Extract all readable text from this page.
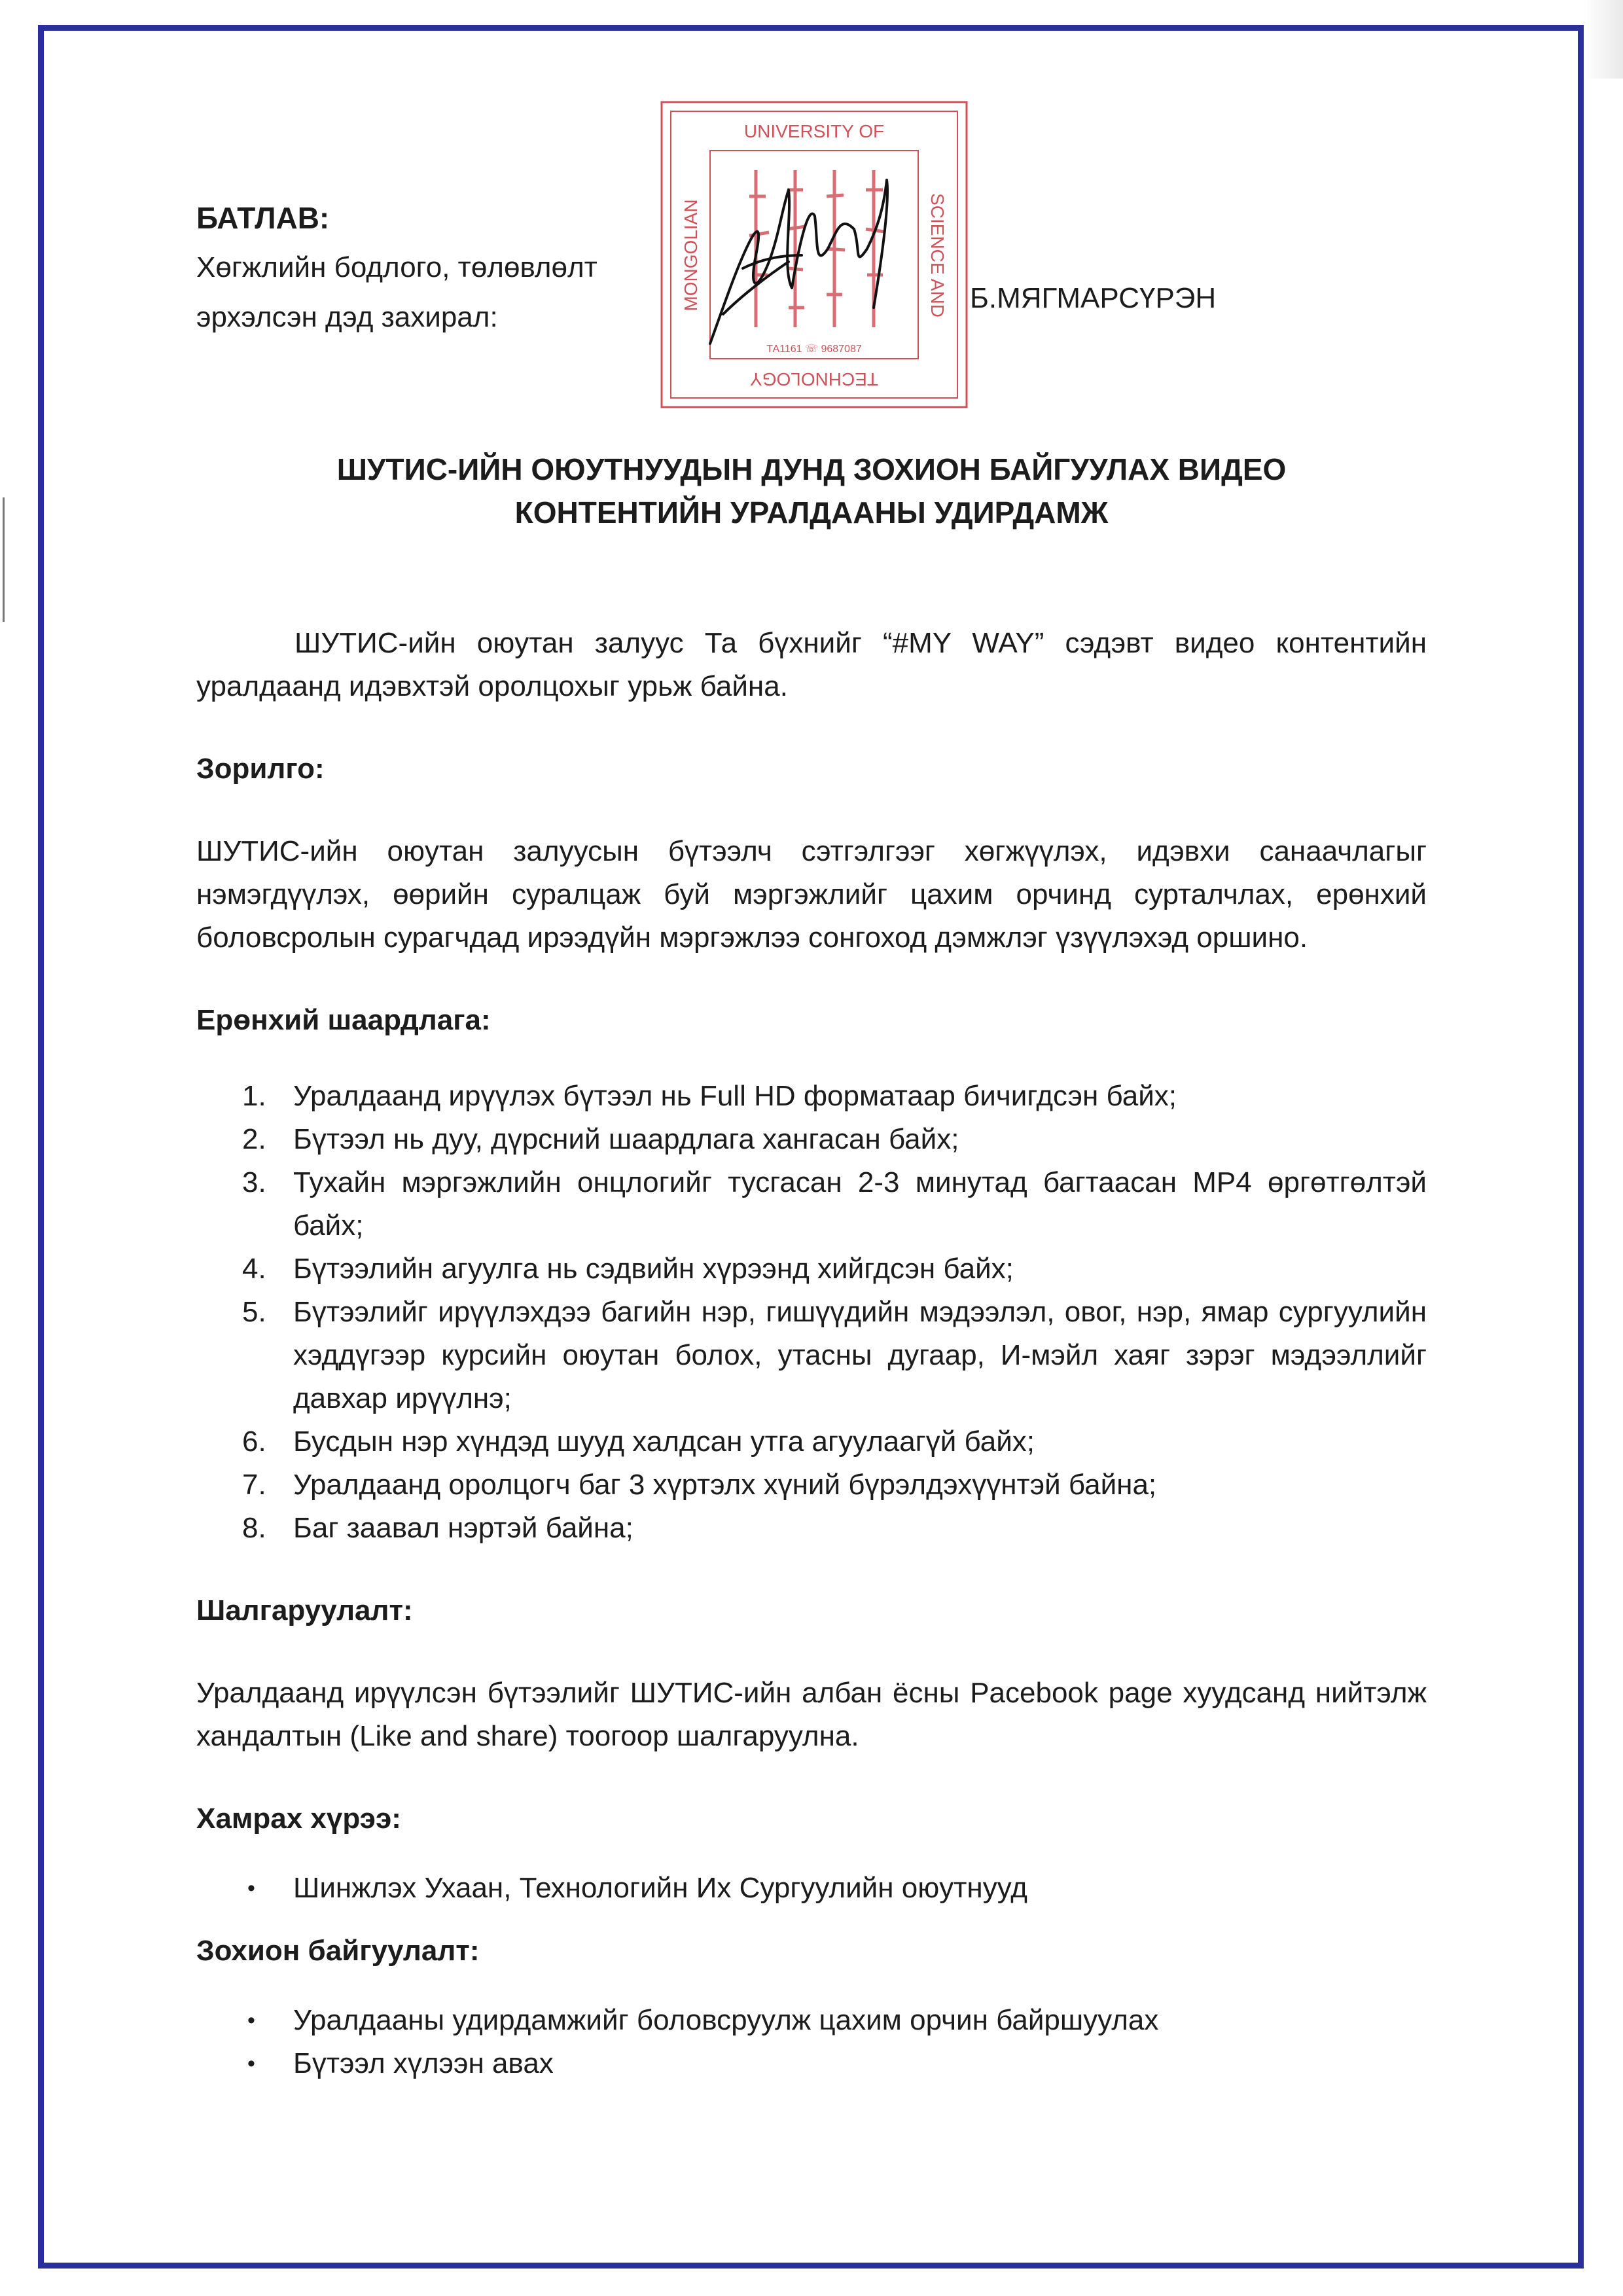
БАТЛАВ:
Хөгжлийн бодлого, төлөвлөлт
эрхэлсэн дэд захирал:
UNIVERSITY OF
MONGOLIAN	SCIENCE AND
TECHNOLOGY
ТА1161 ☏ 9687087
Б.МЯГМАРСҮРЭН
ШУТИС-ИЙН ОЮУТНУУДЫН ДУНД ЗОХИОН БАЙГУУЛАХ ВИДЕО
КОНТЕНТИЙН УРАЛДААНЫ УДИРДАМЖ

ШУТИС-ийн оюутан залуус Та бүхнийг “#MY WAY” сэдэвт видео контентийн уралдаанд идэвхтэй оролцохыг урьж байна.

Зорилго:

ШУТИС-ийн оюутан залуусын бүтээлч сэтгэлгээг хөгжүүлэх, идэвхи санаачлагыг нэмэгдүүлэх, өөрийн суралцаж буй мэргэжлийг цахим орчинд сурталчлах, ерөнхий боловсролын сурагчдад ирээдүйн мэргэжлээ сонгоход дэмжлэг үзүүлэхэд оршино.

Ерөнхий шаардлага:

1. Уралдаанд ирүүлэх бүтээл нь Full HD форматаар бичигдсэн байх;
2. Бүтээл нь дуу, дүрсний шаардлага хангасан байх;
3. Тухайн мэргэжлийн онцлогийг тусгасан 2-3 минутад багтаасан MP4 өргөтгөлтэй байх;
4. Бүтээлийн агуулга нь сэдвийн хүрээнд хийгдсэн байх;
5. Бүтээлийг ирүүлэхдээ багийн нэр, гишүүдийн мэдээлэл, овог, нэр, ямар сургуулийн хэддүгээр курсийн оюутан болох, утасны дугаар, И-мэйл хаяг зэрэг мэдээллийг давхар ирүүлнэ;
6. Бусдын нэр хүндэд шууд халдсан утга агуулаагүй байх;
7. Уралдаанд оролцогч баг 3 хүртэлх хүний бүрэлдэхүүнтэй байна;
8. Баг заавал нэртэй байна;

Шалгаруулалт:

Уралдаанд ирүүлсэн бүтээлийг ШУТИС-ийн албан ёсны Pacebook page хуудсанд нийтэлж хандалтын (Like and share) тоогоор шалгаруулна.

Хамрах хүрээ:

• Шинжлэх Ухаан, Технологийн Их Сургуулийн оюутнууд

Зохион байгуулалт:

• Уралдааны удирдамжийг боловсруулж цахим орчин байршуулах
• Бүтээл хүлээн авах
